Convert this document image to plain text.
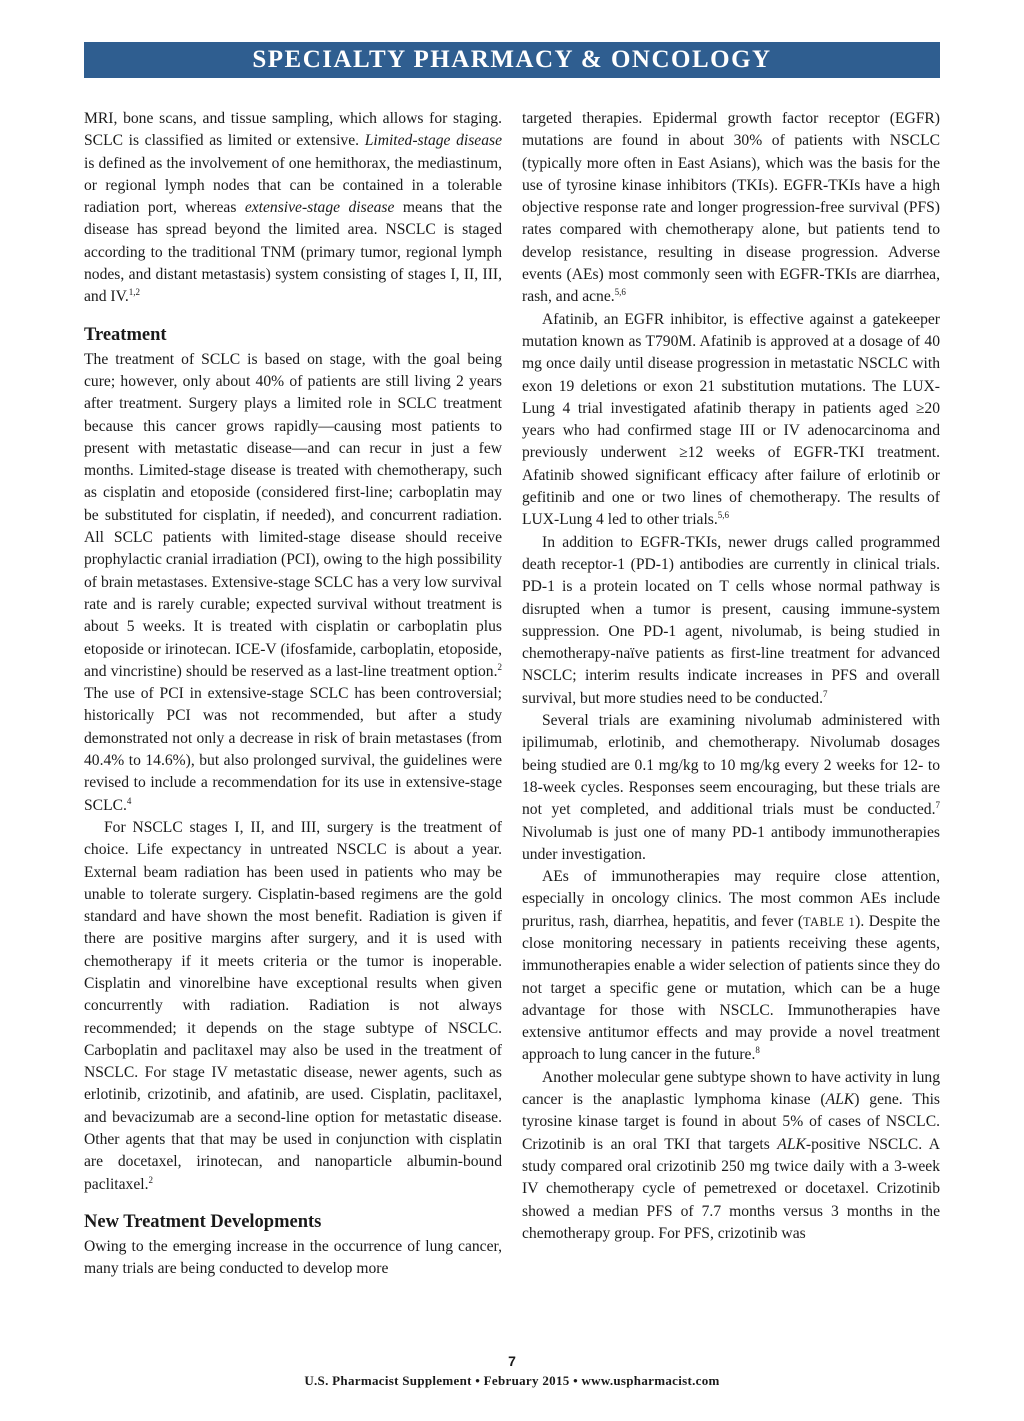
SPECIALTY PHARMACY & ONCOLOGY

MRI, bone scans, and tissue sampling, which allows for staging. SCLC is classified as limited or extensive. Limited-stage disease is defined as the involvement of one hemithorax, the mediastinum, or regional lymph nodes that can be contained in a tolerable radiation port, whereas extensive-stage disease means that the disease has spread beyond the limited area. NSCLC is staged according to the traditional TNM (primary tumor, regional lymph nodes, and distant metastasis) system consisting of stages I, II, III, and IV.$^{1,2}$

Treatment

The treatment of SCLC is based on stage, with the goal being cure; however, only about 40% of patients are still living 2 years after treatment. Surgery plays a limited role in SCLC treatment because this cancer grows rapidly—causing most patients to present with metastatic disease—and can recur in just a few months. Limited-stage disease is treated with chemotherapy, such as cisplatin and etoposide (considered first-line; carboplatin may be substituted for cisplatin, if needed), and concurrent radiation. All SCLC patients with limited-stage disease should receive prophylactic cranial irradiation (PCI), owing to the high possibility of brain metastases. Extensive-stage SCLC has a very low survival rate and is rarely curable; expected survival without treatment is about 5 weeks. It is treated with cisplatin or carboplatin plus etoposide or irinotecan. ICE-V (ifosfamide, carboplatin, etoposide, and vincristine) should be reserved as a last-line treatment option.$^2$ The use of PCI in extensive-stage SCLC has been controversial; historically PCI was not recommended, but after a study demonstrated not only a decrease in risk of brain metastases (from 40.4% to 14.6%), but also prolonged survival, the guidelines were revised to include a recommendation for its use in extensive-stage SCLC.$^4$

For NSCLC stages I, II, and III, surgery is the treatment of choice. Life expectancy in untreated NSCLC is about a year. External beam radiation has been used in patients who may be unable to tolerate surgery. Cisplatin-based regimens are the gold standard and have shown the most benefit. Radiation is given if there are positive margins after surgery, and it is used with chemotherapy if it meets criteria or the tumor is inoperable. Cisplatin and vinorelbine have exceptional results when given concurrently with radiation. Radiation is not always recommended; it depends on the stage subtype of NSCLC. Carboplatin and paclitaxel may also be used in the treatment of NSCLC. For stage IV metastatic disease, newer agents, such as erlotinib, crizotinib, and afatinib, are used. Cisplatin, paclitaxel, and bevacizumab are a second-line option for metastatic disease. Other agents that that may be used in conjunction with cisplatin are docetaxel, irinotecan, and nanoparticle albumin-bound paclitaxel.$^2$

New Treatment Developments

Owing to the emerging increase in the occurrence of lung cancer, many trials are being conducted to develop more

targeted therapies. Epidermal growth factor receptor (EGFR) mutations are found in about 30% of patients with NSCLC (typically more often in East Asians), which was the basis for the use of tyrosine kinase inhibitors (TKIs). EGFR-TKIs have a high objective response rate and longer progression-free survival (PFS) rates compared with chemotherapy alone, but patients tend to develop resistance, resulting in disease progression. Adverse events (AEs) most commonly seen with EGFR-TKIs are diarrhea, rash, and acne.$^{5,6}$

Afatinib, an EGFR inhibitor, is effective against a gatekeeper mutation known as T790M. Afatinib is approved at a dosage of 40 mg once daily until disease progression in metastatic NSCLC with exon 19 deletions or exon 21 substitution mutations. The LUX-Lung 4 trial investigated afatinib therapy in patients aged ≥20 years who had confirmed stage III or IV adenocarcinoma and previously underwent ≥12 weeks of EGFR-TKI treatment. Afatinib showed significant efficacy after failure of erlotinib or gefitinib and one or two lines of chemotherapy. The results of LUX-Lung 4 led to other trials.$^{5,6}$

In addition to EGFR-TKIs, newer drugs called programmed death receptor-1 (PD-1) antibodies are currently in clinical trials. PD-1 is a protein located on T cells whose normal pathway is disrupted when a tumor is present, causing immune-system suppression. One PD-1 agent, nivolumab, is being studied in chemotherapy-naïve patients as first-line treatment for advanced NSCLC; interim results indicate increases in PFS and overall survival, but more studies need to be conducted.$^7$

Several trials are examining nivolumab administered with ipilimumab, erlotinib, and chemotherapy. Nivolumab dosages being studied are 0.1 mg/kg to 10 mg/kg every 2 weeks for 12- to 18-week cycles. Responses seem encouraging, but these trials are not yet completed, and additional trials must be conducted.$^7$ Nivolumab is just one of many PD-1 antibody immunotherapies under investigation.

AEs of immunotherapies may require close attention, especially in oncology clinics. The most common AEs include pruritus, rash, diarrhea, hepatitis, and fever (TABLE 1). Despite the close monitoring necessary in patients receiving these agents, immunotherapies enable a wider selection of patients since they do not target a specific gene or mutation, which can be a huge advantage for those with NSCLC. Immunotherapies have extensive antitumor effects and may provide a novel treatment approach to lung cancer in the future.$^8$

Another molecular gene subtype shown to have activity in lung cancer is the anaplastic lymphoma kinase (ALK) gene. This tyrosine kinase target is found in about 5% of cases of NSCLC. Crizotinib is an oral TKI that targets ALK-positive NSCLC. A study compared oral crizotinib 250 mg twice daily with a 3-week IV chemotherapy cycle of pemetrexed or docetaxel. Crizotinib showed a median PFS of 7.7 months versus 3 months in the chemotherapy group. For PFS, crizotinib was

7
U.S. Pharmacist Supplement • February 2015 • www.uspharmacist.com
